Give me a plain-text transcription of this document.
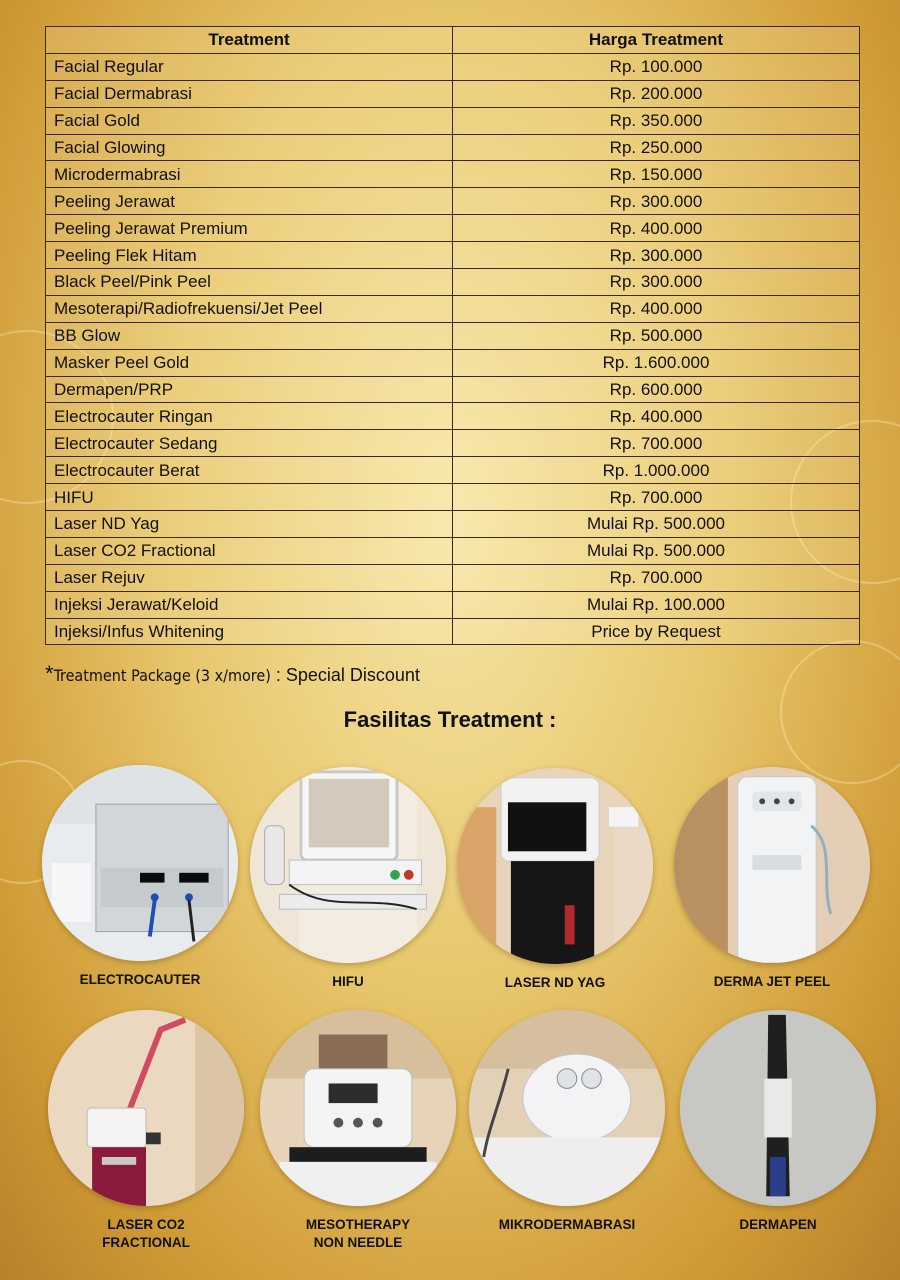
Treatment	Harga Treatment
Facial Regular	Rp. 100.000
Facial Dermabrasi	Rp. 200.000
Facial Gold	Rp. 350.000
Facial Glowing	Rp. 250.000
Microdermabrasi	Rp. 150.000
Peeling Jerawat	Rp. 300.000
Peeling Jerawat Premium	Rp. 400.000
Peeling Flek Hitam	Rp. 300.000
Black Peel/Pink Peel	Rp. 300.000
Mesoterapi/Radiofrekuensi/Jet Peel	Rp. 400.000
BB Glow	Rp. 500.000
Masker Peel Gold	Rp. 1.600.000
Dermapen/PRP	Rp. 600.000
Electrocauter Ringan	Rp. 400.000
Electrocauter Sedang	Rp. 700.000
Electrocauter Berat	Rp. 1.000.000
HIFU	Rp. 700.000
Laser ND Yag	Mulai Rp. 500.000
Laser CO2 Fractional	Mulai Rp. 500.000
Laser Rejuv	Rp. 700.000
Injeksi Jerawat/Keloid	Mulai Rp. 100.000
Injeksi/Infus Whitening	Price by Request
*Treatment Package (3 x/more) : Special Discount
Fasilitas Treatment :
ELECTROCAUTER	HIFU	LASER ND YAG	DERMA JET PEEL
LASER CO2
FRACTIONAL
MESOTHERAPY
NON NEEDLE
MIKRODERMABRASI	DERMAPEN
